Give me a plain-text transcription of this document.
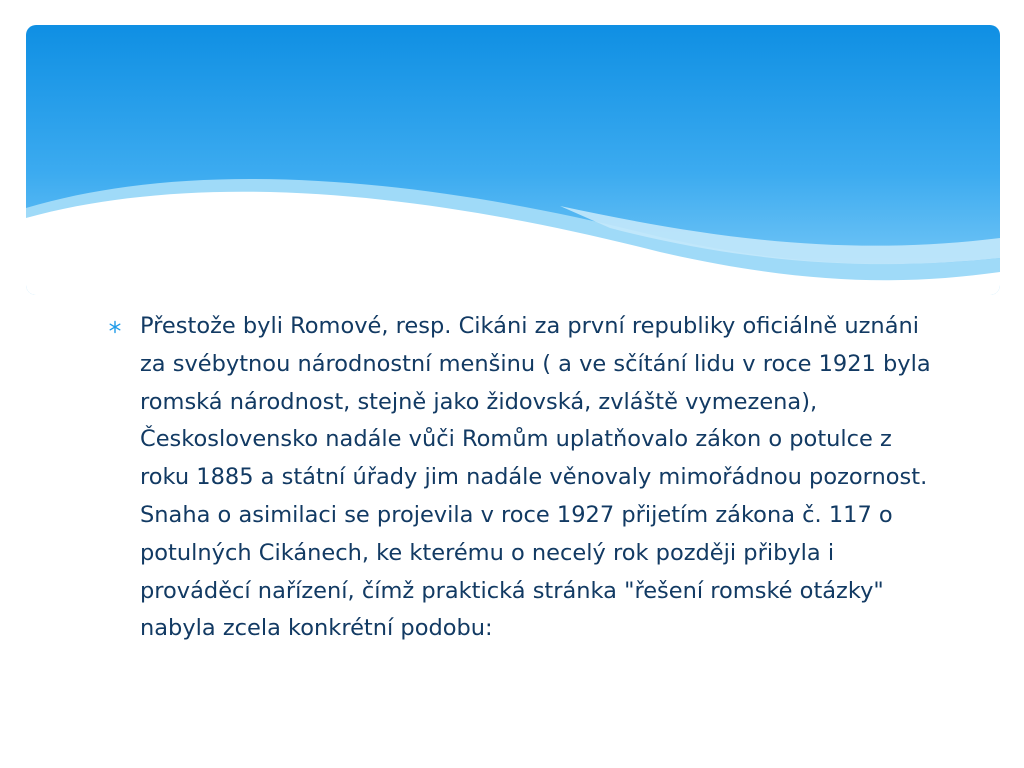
Přestože byli Romové, resp. Cikáni za první republiky oficiálně uznáni za svébytnou národnostní menšinu ( a ve sčítání lidu v roce 1921 byla romská národnost, stejně jako židovská, zvláště vymezena), Československo nadále vůči Romům uplatňovalo zákon o potulce z roku 1885 a státní úřady jim nadále věnovaly mimořádnou pozornost. Snaha o asimilaci se projevila v roce 1927 přijetím zákona č. 117 o potulných Cikánech, ke kterému o necelý rok později přibyla i prováděcí nařízení, čímž praktická stránka "řešení romské otázky" nabyla zcela konkrétní podobu:
